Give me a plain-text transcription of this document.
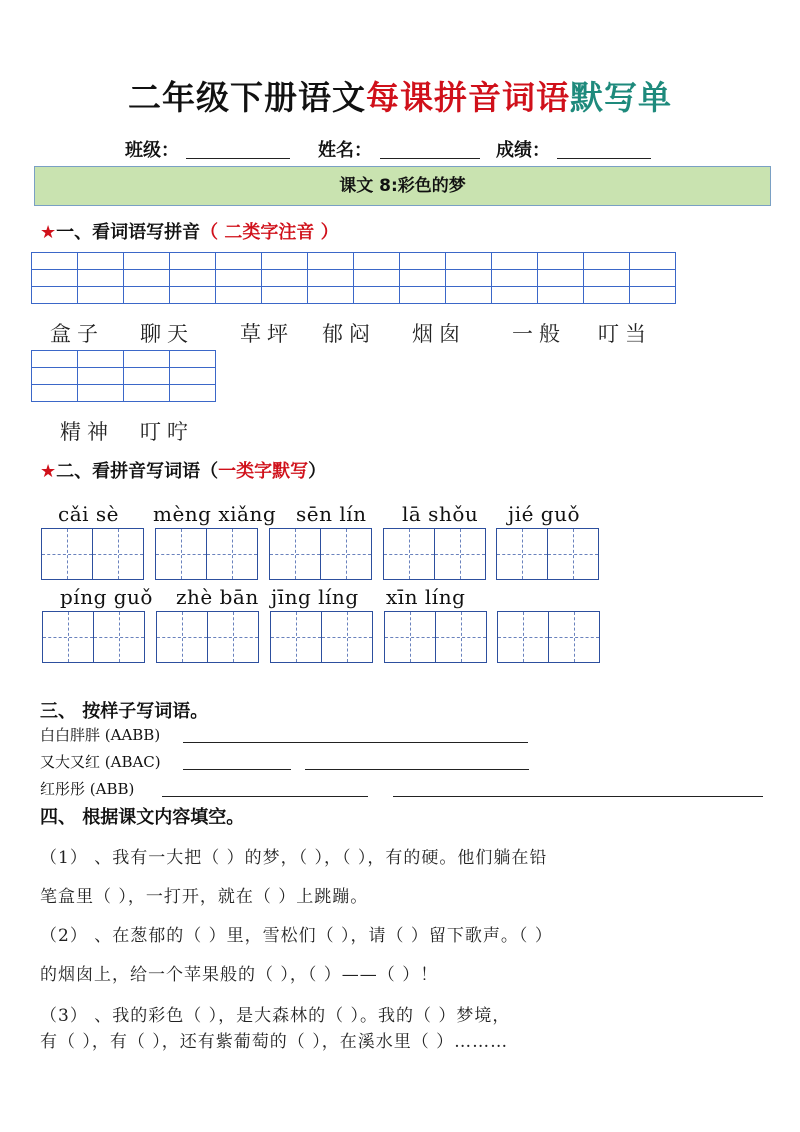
二年级下册语文每课拼音词语默写单
班级：	姓名：	成绩：
课文 8:彩色的梦
★一、看词语写拼音（ 二类字注音 ）

盒子 聊天 草坪 郁闷 烟囱 一般 叮当

精神 叮咛
★二、看拼音写词语（一类字默写）
cǎi sè mèng xiǎng sēn lín lā shǒu jié guǒ
píng guǒ zhè bān jīng líng xīn líng
三、 按样子写词语。
白白胖胖 (AABB)
又大又红 (ABAC)
红彤彤 (ABB)
四、 根据课文内容填空。
（1） 、我有一大把（ ）的梦，（ ），（ ），有的硬。他们躺在铅
笔盒里（ ），一打开，就在（ ）上跳蹦。
（2） 、在葱郁的（ ）里，雪松们（ ），请（ ）留下歌声。（ ）
的烟囱上，给一个苹果般的（ ），（ ）——（ ）！
（3） 、我的彩色（ ），是大森林的（ ）。我的（ ）梦境，
有（ ），有（ ），还有紫葡萄的（ ），在溪水里（ ）………
